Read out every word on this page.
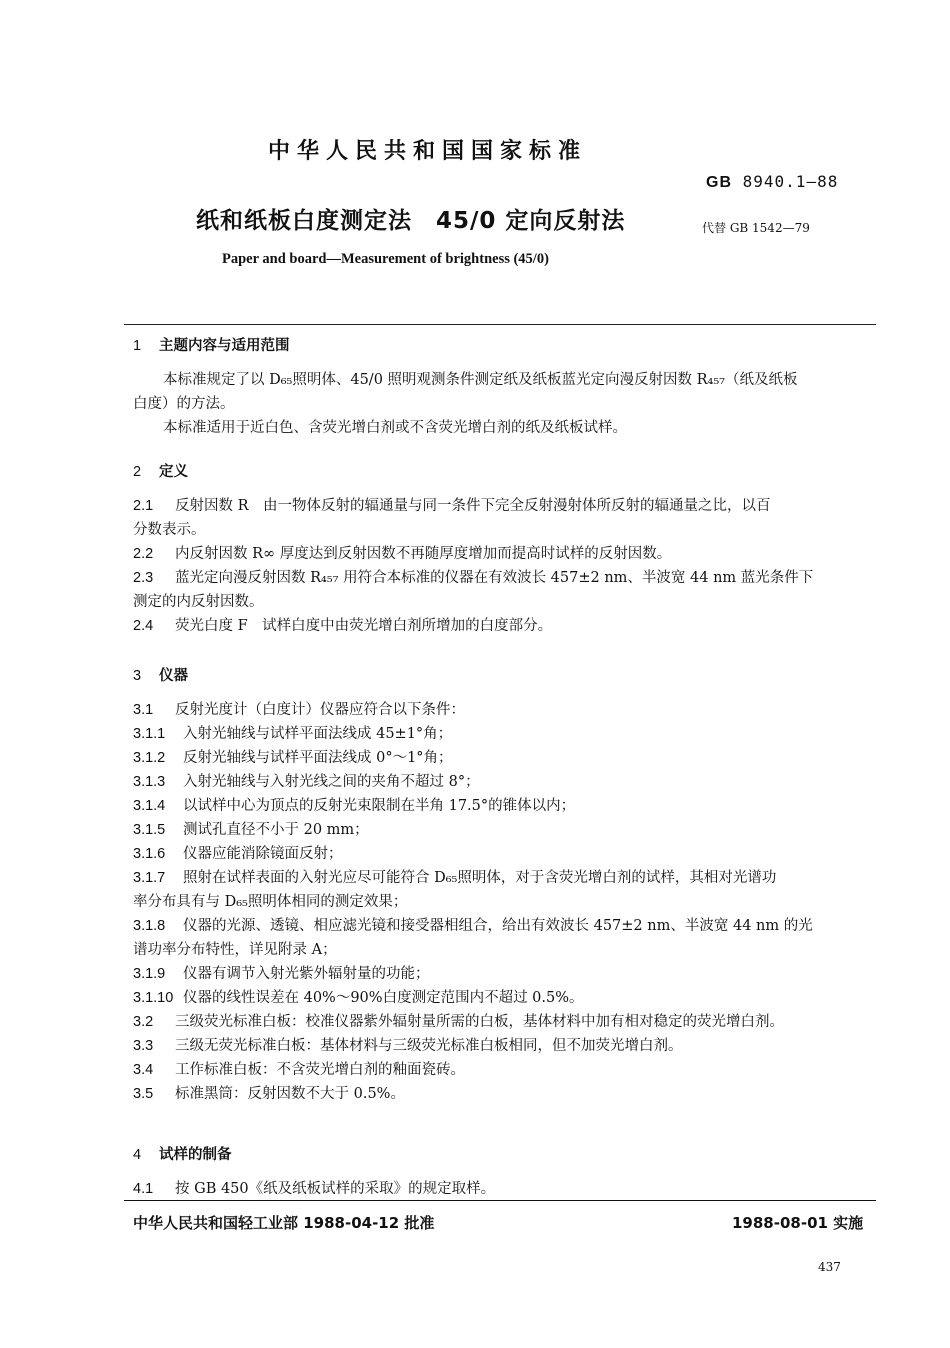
中华人民共和国国家标准
GB 8940.1—88
纸和纸板白度测定法　45/0 定向反射法	代替 GB 1542—79
Paper and board—Measurement of brightness (45/0)
1 主题内容与适用范围

本标准规定了以 D₆₅照明体、45/0 照明观测条件测定纸及纸板蓝光定向漫反射因数 R₄₅₇（纸及纸板

白度）的方法。

本标准适用于近白色、含荧光增白剂或不含荧光增白剂的纸及纸板试样。

2 定义

2.1 反射因数 R　由一物体反射的辐通量与同一条件下完全反射漫射体所反射的辐通量之比，以百

分数表示。

2.2 内反射因数 R∞ 厚度达到反射因数不再随厚度增加而提高时试样的反射因数。

2.3 蓝光定向漫反射因数 R₄₅₇ 用符合本标准的仪器在有效波长 457±2 nm、半波宽 44 nm 蓝光条件下

测定的内反射因数。

2.4 荧光白度 F　试样白度中由荧光增白剂所增加的白度部分。

3 仪器

3.1 反射光度计（白度计）仪器应符合以下条件：

3.1.1 入射光轴线与试样平面法线成 45±1°角；

3.1.2 反射光轴线与试样平面法线成 0°～1°角；

3.1.3 入射光轴线与入射光线之间的夹角不超过 8°；

3.1.4 以试样中心为顶点的反射光束限制在半角 17.5°的锥体以内；

3.1.5 测试孔直径不小于 20 mm；

3.1.6 仪器应能消除镜面反射；

3.1.7 照射在试样表面的入射光应尽可能符合 D₆₅照明体，对于含荧光增白剂的试样，其相对光谱功

率分布具有与 D₆₅照明体相同的测定效果；

3.1.8 仪器的光源、透镜、相应滤光镜和接受器相组合，给出有效波长 457±2 nm、半波宽 44 nm 的光

谱功率分布特性，详见附录 A；

3.1.9 仪器有调节入射光紫外辐射量的功能；

3.1.10 仪器的线性误差在 40%～90%白度测定范围内不超过 0.5%。

3.2 三级荧光标准白板：校准仪器紫外辐射量所需的白板，基体材料中加有相对稳定的荧光增白剂。

3.3 三级无荧光标准白板：基体材料与三级荧光标准白板相同，但不加荧光增白剂。

3.4 工作标准白板：不含荧光增白剂的釉面瓷砖。

3.5 标准黑筒：反射因数不大于 0.5%。

4 试样的制备

4.1 按 GB 450《纸及纸板试样的采取》的规定取样。

中华人民共和国轻工业部 1988-04-12 批准	1988-08-01 实施
437
